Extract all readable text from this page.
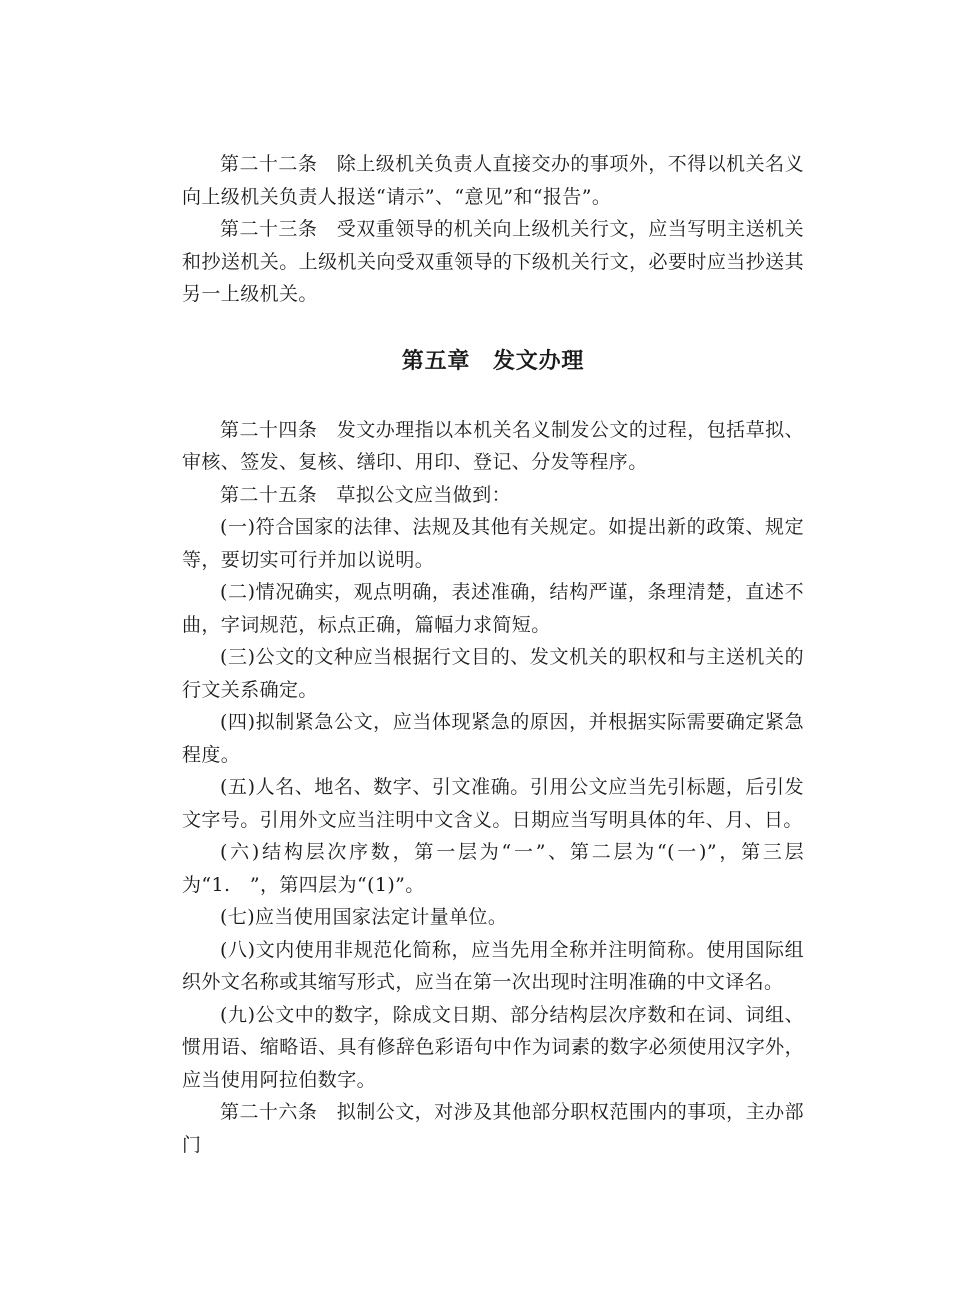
第二十二条　除上级机关负责人直接交办的事项外，不得以机关名义向上级机关负责人报送“请示”、“意见”和“报告”。

第二十三条　受双重领导的机关向上级机关行文，应当写明主送机关和抄送机关。上级机关向受双重领导的下级机关行文，必要时应当抄送其另一上级机关。

第五章　发文办理

第二十四条　发文办理指以本机关名义制发公文的过程，包括草拟、审核、签发、复核、缮印、用印、登记、分发等程序。

第二十五条　草拟公文应当做到：

(一)符合国家的法律、法规及其他有关规定。如提出新的政策、规定等，要切实可行并加以说明。

(二)情况确实，观点明确，表述准确，结构严谨，条理清楚，直述不曲，字词规范，标点正确，篇幅力求简短。

(三)公文的文种应当根据行文目的、发文机关的职权和与主送机关的行文关系确定。

(四)拟制紧急公文，应当体现紧急的原因，并根据实际需要确定紧急程度。

(五)人名、地名、数字、引文准确。引用公文应当先引标题，后引发文字号。引用外文应当注明中文含义。日期应当写明具体的年、月、日。

(六)结构层次序数，第一层为“一”、第二层为“(一)”，第三层为“1.　”，第四层为“(1)”。

(七)应当使用国家法定计量单位。

(八)文内使用非规范化简称，应当先用全称并注明简称。使用国际组织外文名称或其缩写形式，应当在第一次出现时注明准确的中文译名。

(九)公文中的数字，除成文日期、部分结构层次序数和在词、词组、惯用语、缩略语、具有修辞色彩语句中作为词素的数字必须使用汉字外，应当使用阿拉伯数字。

第二十六条　拟制公文，对涉及其他部分职权范围内的事项，主办部门
